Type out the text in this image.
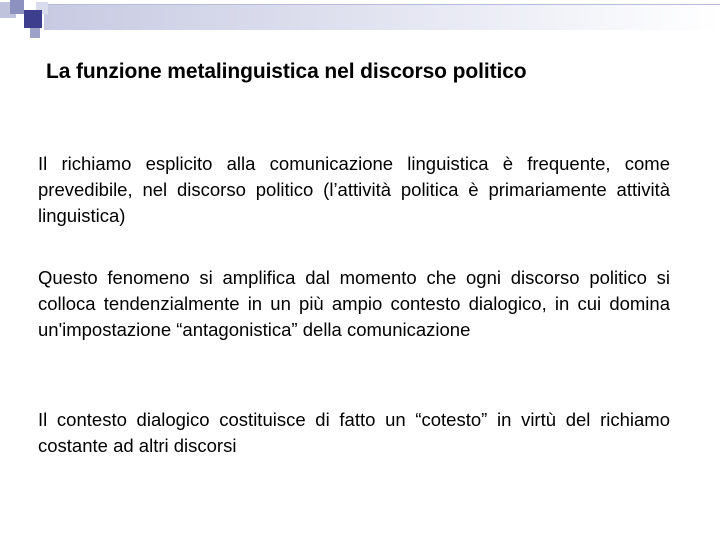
La funzione metalinguistica nel discorso politico

Il richiamo esplicito alla comunicazione linguistica è frequente, come prevedibile, nel discorso politico (l’attività politica è primariamente attività linguistica)

Questo fenomeno si amplifica dal momento che ogni discorso politico si colloca tendenzialmente in un più ampio contesto dialogico, in cui domina un'impostazione “antagonistica” della comunicazione

Il contesto dialogico costituisce di fatto un “cotesto” in virtù del richiamo costante ad altri discorsi
